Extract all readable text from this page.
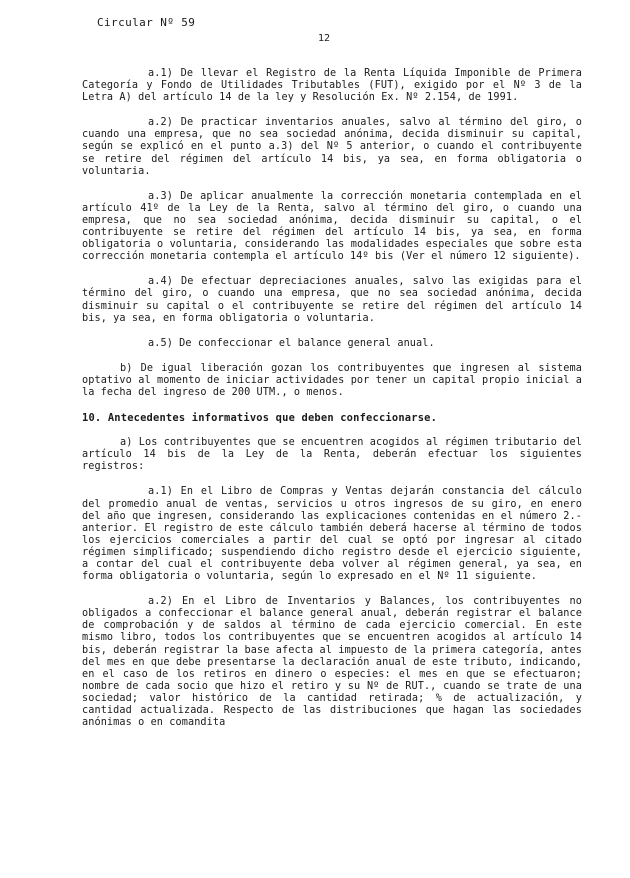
Circular Nº 59
12

a.1) De llevar el Registro de la Renta Líquida Imponible de Primera Categoría y Fondo de Utilidades Tributables (FUT), exigido por el Nº 3 de la Letra A) del artículo 14 de la ley y Resolución Ex. Nº 2.154, de 1991.

a.2) De practicar inventarios anuales, salvo al término del giro, o cuando una empresa, que no sea sociedad anónima, decida disminuir su capital, según se explicó en el punto a.3) del Nº 5 anterior, o cuando el contribuyente se retire del régimen del artículo 14 bis, ya sea, en forma obligatoria o voluntaria.

a.3) De aplicar anualmente la corrección monetaria contemplada en el artículo 41º de la Ley de la Renta, salvo al término del giro, o cuando una empresa, que no sea sociedad anónima, decida disminuir su capital, o el contribuyente se retire del régimen del artículo 14 bis, ya sea, en forma obligatoria o voluntaria, considerando las modalidades especiales que sobre esta corrección monetaria contempla el artículo 14º bis (Ver el número 12 siguiente).

a.4) De efectuar depreciaciones anuales, salvo las exigidas para el término del giro, o cuando una empresa, que no sea sociedad anónima, decida disminuir su capital o el contribuyente se retire del régimen del artículo 14 bis, ya sea, en forma obligatoria o voluntaria.

a.5) De confeccionar el balance general anual.

b) De igual liberación gozan los contribuyentes que ingresen al sistema optativo al momento de iniciar actividades por tener un capital propio inicial a la fecha del ingreso de 200 UTM., o menos.

10. Antecedentes informativos que deben confeccionarse.

a) Los contribuyentes que se encuentren acogidos al régimen tributario del artículo 14 bis de la Ley de la Renta, deberán efectuar los siguientes registros:

a.1) En el Libro de Compras y Ventas dejarán constancia del cálculo del promedio anual de ventas, servicios u otros ingresos de su giro, en enero del año que ingresen, considerando las explicaciones contenidas en el número 2.- anterior. El registro de este cálculo también deberá hacerse al término de todos los ejercicios comerciales a partir del cual se optó por ingresar al citado régimen simplificado; suspendiendo dicho registro desde el ejercicio siguiente, a contar del cual el contribuyente deba volver al régimen general, ya sea, en forma obligatoria o voluntaria, según lo expresado en el Nº 11 siguiente.

a.2) En el Libro de Inventarios y Balances, los contribuyentes no obligados a confeccionar el balance general anual, deberán registrar el balance de comprobación y de saldos al término de cada ejercicio comercial. En este mismo libro, todos los contribuyentes que se encuentren acogidos al artículo 14 bis, deberán registrar la base afecta al impuesto de la primera categoría, antes del mes en que debe presentarse la declaración anual de este tributo, indicando, en el caso de los retiros en dinero o especies: el mes en que se efectuaron; nombre de cada socio que hizo el retiro y su Nº de RUT., cuando se trate de una sociedad; valor histórico de la cantidad retirada; % de actualización, y cantidad actualizada. Respecto de las distribuciones que hagan las sociedades anónimas o en comandita
